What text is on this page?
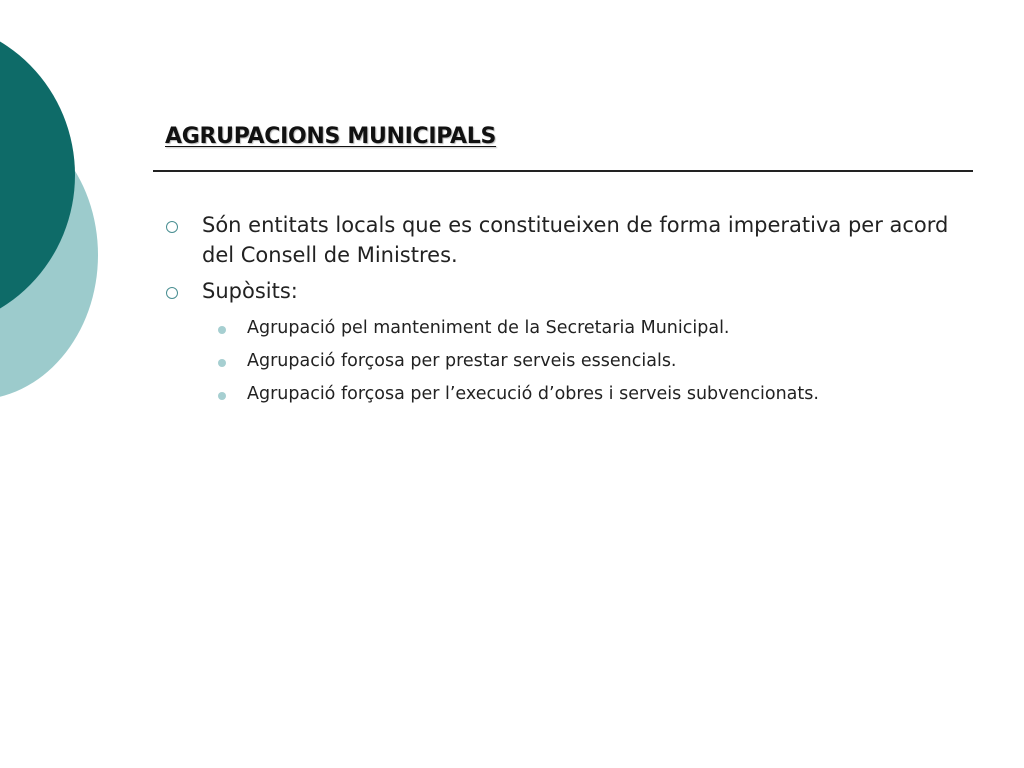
AGRUPACIONS MUNICIPALS
Són entitats locals que es constitueixen de forma imperativa per acord del Consell de Ministres.
Supòsits:
Agrupació pel manteniment de la Secretaria Municipal.
Agrupació forçosa per prestar serveis essencials.
Agrupació forçosa per l’execució d’obres i serveis subvencionats.
